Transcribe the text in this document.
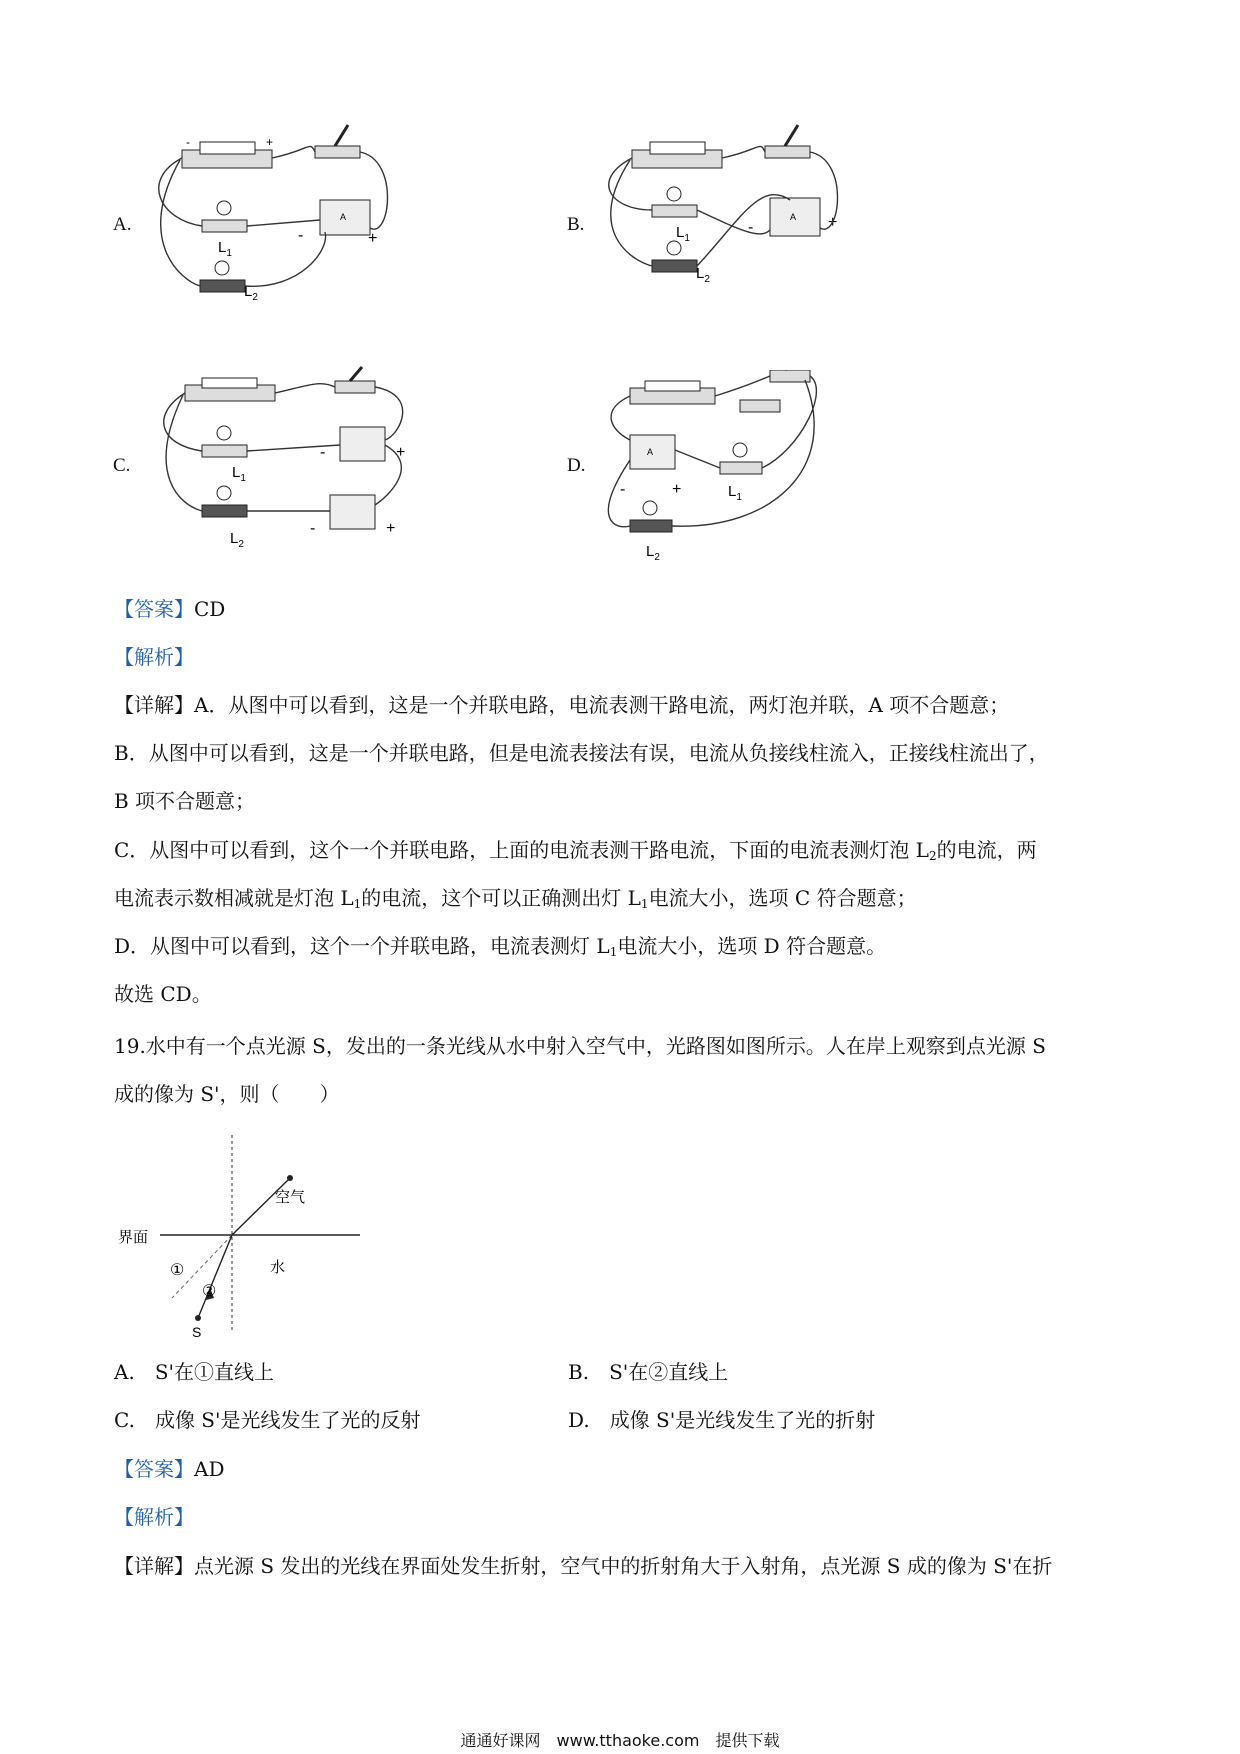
A.
-	+
$L_1$
$L_2$
A
-	+
B.	$L_1$
$L_2$
A
-	+
C.	$L_1$
$L_2$
-	+
-	+
D.
A
-	+	$L_1$
$L_2$
【答案】CD
【解析】
【详解】A．从图中可以看到，这是一个并联电路，电流表测干路电流，两灯泡并联，A 项不合题意；
B．从图中可以看到，这是一个并联电路，但是电流表接法有误，电流从负接线柱流入，正接线柱流出了，
B 项不合题意；
C．从图中可以看到，这个一个并联电路，上面的电流表测干路电流，下面的电流表测灯泡 $L_2$的电流，两
电流表示数相减就是灯泡 $L_1$的电流，这个可以正确测出灯 $L_1$电流大小，选项 C 符合题意；
D．从图中可以看到，这个一个并联电路，电流表测灯 $L_1$电流大小，选项 D 符合题意。
故选 CD。
19.水中有一个点光源 S，发出的一条光线从水中射入空气中，光路图如图所示。人在岸上观察到点光源 S
成的像为 S'，则（　　）
空气
界面
水
①
②
S
A.　 S'在①直线上	B.　 S'在②直线上
C.　 成像 S'是光线发生了光的反射	D.　 成像 S'是光线发生了光的折射
【答案】AD
【解析】
【详解】点光源 S 发出的光线在界面处发生折射，空气中的折射角大于入射角，点光源 S 成的像为 S'在折
通通好课网　www.tthaoke.com　提供下载
